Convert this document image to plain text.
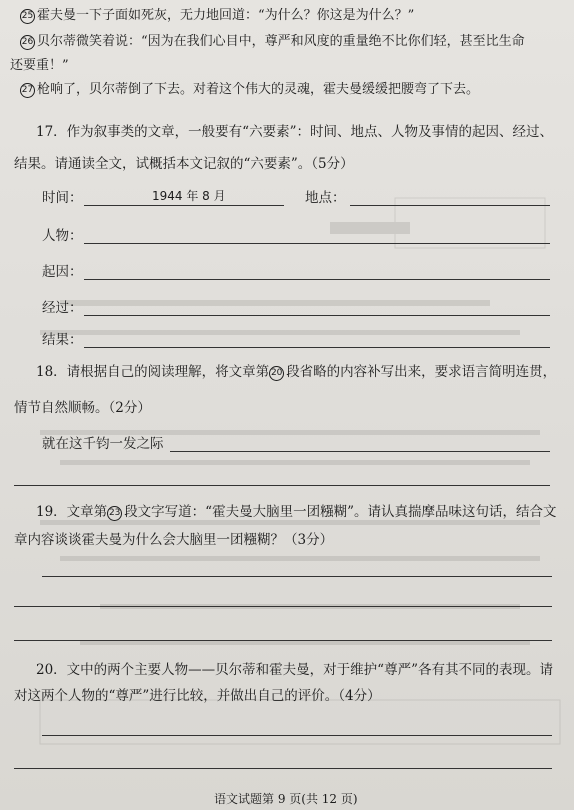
25 霍夫曼一下子面如死灰，无力地回道：“为什么？你这是为什么？”
26 贝尔蒂微笑着说：“因为在我们心目中，尊严和风度的重量绝不比你们轻，甚至比生命
还要重！”
27 枪响了，贝尔蒂倒了下去。对着这个伟大的灵魂，霍夫曼缓缓把腰弯了下去。
17．作为叙事类的文章，一般要有“六要素”：时间、地点、人物及事情的起因、经过、
结果。请通读全文，试概括本文记叙的“六要素”。（5分）
时间：	1944 年 8 月	地点：
人物：
起因：
经过：
结果：
18．请根据自己的阅读理解，将文章第 20 段省略的内容补写出来，要求语言简明连贯，
情节自然顺畅。（2分）
就在这千钧一发之际
19．文章第 23 段文字写道：“霍夫曼大脑里一团糨糊”。请认真揣摩品味这句话，结合文
章内容谈谈霍夫曼为什么会大脑里一团糨糊？（3分）
20．文中的两个主要人物——贝尔蒂和霍夫曼，对于维护“尊严”各有其不同的表现。请
对这两个人物的“尊严”进行比较，并做出自己的评价。（4分）
语文试题第 9 页(共 12 页)
